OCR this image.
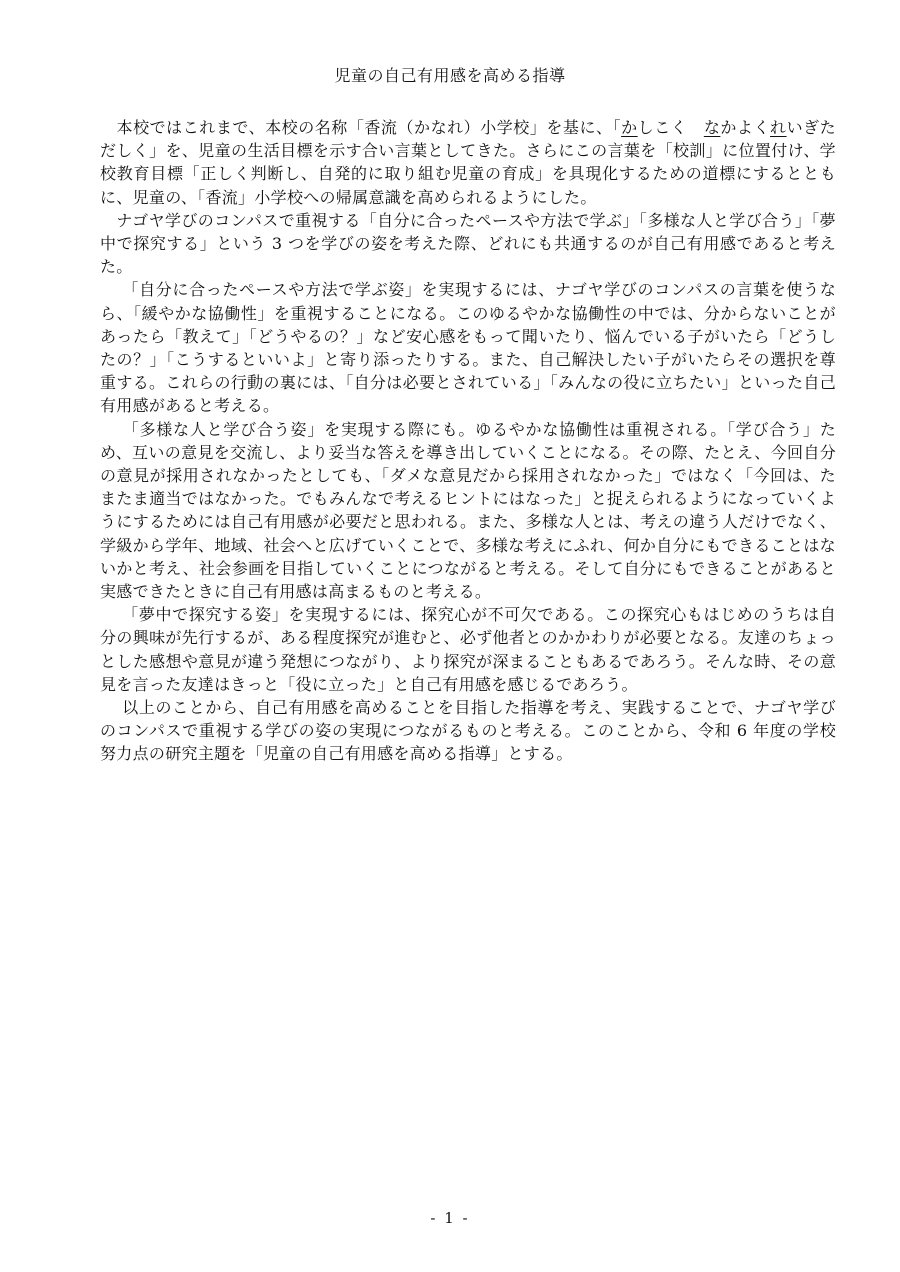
児童の自己有用感を高める指導

　本校ではこれまで、本校の名称「香流（かなれ）小学校」を基に、「かしこく　なかよくれいぎただしく」を、児童の生活目標を示す合い言葉としてきた。さらにこの言葉を「校訓」に位置付け、学校教育目標「正しく判断し、自発的に取り組む児童の育成」を具現化するための道標にするとともに、児童の、「香流」小学校への帰属意識を高められるようにした。

　ナゴヤ学びのコンパスで重視する「自分に合ったペースや方法で学ぶ」「多様な人と学び合う」「夢中で探究する」という 3 つを学びの姿を考えた際、どれにも共通するのが自己有用感であると考えた。

　 「自分に合ったペースや方法で学ぶ姿」を実現するには、ナゴヤ学びのコンパスの言葉を使うなら、「緩やかな協働性」を重視することになる。このゆるやかな協働性の中では、分からないことがあったら「教えて」「どうやるの？」など安心感をもって聞いたり、悩んでいる子がいたら「どうしたの？」「こうするといいよ」と寄り添ったりする。また、自己解決したい子がいたらその選択を尊重する。これらの行動の裏には、「自分は必要とされている」「みんなの役に立ちたい」といった自己有用感があると考える。

　 「多様な人と学び合う姿」を実現する際にも。ゆるやかな協働性は重視される。「学び合う」ため、互いの意見を交流し、より妥当な答えを導き出していくことになる。その際、たとえ、今回自分の意見が採用されなかったとしても、「ダメな意見だから採用されなかった」ではなく「今回は、たまたま適当ではなかった。でもみんなで考えるヒントにはなった」と捉えられるようになっていくようにするためには自己有用感が必要だと思われる。また、多様な人とは、考えの違う人だけでなく、学級から学年、地域、社会へと広げていくことで、多様な考えにふれ、何か自分にもできることはないかと考え、社会参画を目指していくことにつながると考える。そして自分にもできることがあると実感できたときに自己有用感は高まるものと考える。

　 「夢中で探究する姿」を実現するには、探究心が不可欠である。この探究心もはじめのうちは自分の興味が先行するが、ある程度探究が進むと、必ず他者とのかかわりが必要となる。友達のちょっとした感想や意見が違う発想につながり、より探究が深まることもあるであろう。そんな時、その意見を言った友達はきっと「役に立った」と自己有用感を感じるであろう。

　 以上のことから、自己有用感を高めることを目指した指導を考え、実践することで、ナゴヤ学びのコンパスで重視する学びの姿の実現につながるものと考える。このことから、令和 6 年度の学校努力点の研究主題を「児童の自己有用感を高める指導」とする。

- 1 -
